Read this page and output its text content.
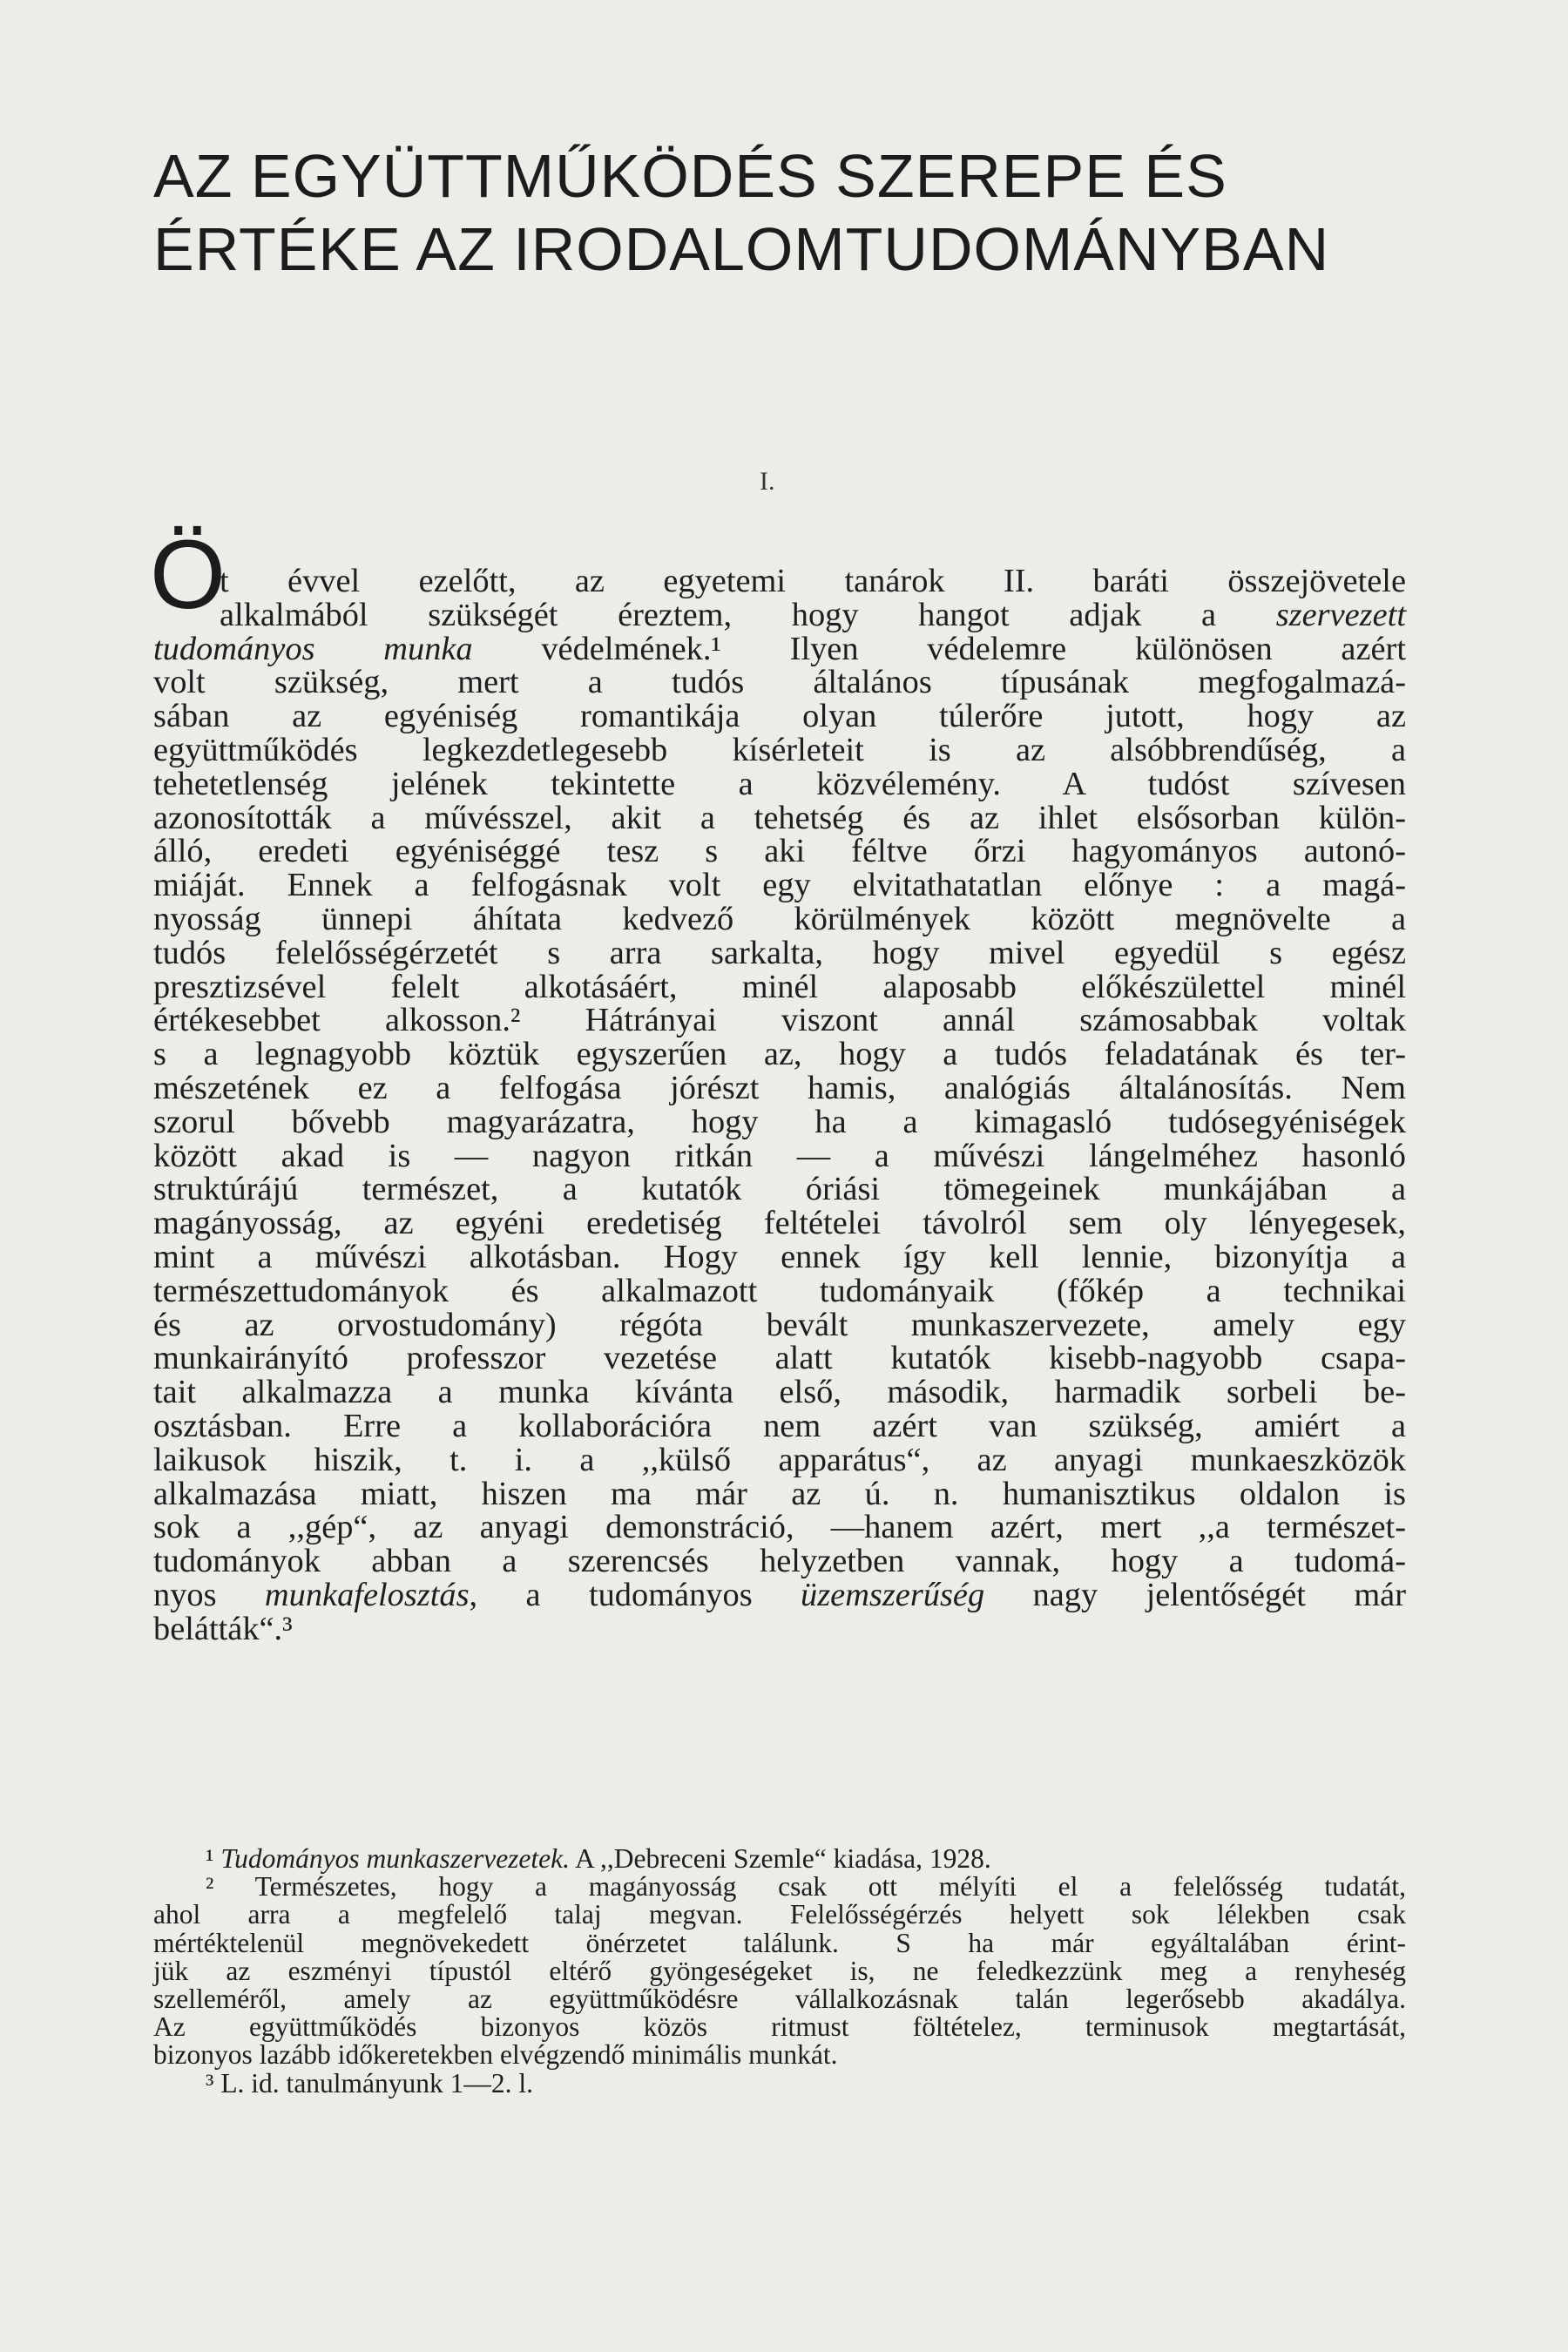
AZ EGYÜTTMŰKÖDÉS SZEREPE ÉS
ÉRTÉKE AZ IRODALOMTUDOMÁNYBAN
I.
Ö
t évvel ezelőtt, az egyetemi tanárok II. baráti összejövetele
alkalmából szükségét éreztem, hogy hangot adjak a szervezett
tudományos munka védelmének.¹ Ilyen védelemre különösen azért
volt szükség, mert a tudós általános típusának megfogalmazá-
sában az egyéniség romantikája olyan túlerőre jutott, hogy az
együttműködés legkezdetlegesebb kísérleteit is az alsóbbrendűség, a
tehetetlenség jelének tekintette a közvélemény. A tudóst szívesen
azonosították a művésszel, akit a tehetség és az ihlet elsősorban külön-
álló, eredeti egyéniséggé tesz s aki féltve őrzi hagyományos autonó-
miáját. Ennek a felfogásnak volt egy elvitathatatlan előnye : a magá-
nyosság ünnepi áhítata kedvező körülmények között megnövelte a
tudós felelősségérzetét s arra sarkalta, hogy mivel egyedül s egész
presztizsével felelt alkotásáért, minél alaposabb előkészülettel minél
értékesebbet alkosson.² Hátrányai viszont annál számosabbak voltak
s a legnagyobb köztük egyszerűen az, hogy a tudós feladatának és ter-
mészetének ez a felfogása jórészt hamis, analógiás általánosítás. Nem
szorul bővebb magyarázatra, hogy ha a kimagasló tudósegyéniségek
között akad is — nagyon ritkán — a művészi lángelméhez hasonló
struktúrájú természet, a kutatók óriási tömegeinek munkájában a
magányosság, az egyéni eredetiség feltételei távolról sem oly lényegesek,
mint a művészi alkotásban. Hogy ennek így kell lennie, bizonyítja a
természettudományok és alkalmazott tudományaik (főkép a technikai
és az orvostudomány) régóta bevált munkaszervezete, amely egy
munkairányító professzor vezetése alatt kutatók kisebb-nagyobb csapa-
tait alkalmazza a munka kívánta első, második, harmadik sorbeli be-
osztásban. Erre a kollaborációra nem azért van szükség, amiért a
laikusok hiszik, t. i. a ,,külső apparátus“, az anyagi munkaeszközök
alkalmazása miatt, hiszen ma már az ú. n. humanisztikus oldalon is
sok a ,,gép“, az anyagi demonstráció, —hanem azért, mert ,,a természet-
tudományok abban a szerencsés helyzetben vannak, hogy a tudomá-
nyos munkafelosztás, a tudományos üzemszerűség nagy jelentőségét már
belátták“.³
¹ Tudományos munkaszervezetek. A ,,Debreceni Szemle“ kiadása, 1928.
² Természetes, hogy a magányosság csak ott mélyíti el a felelősség tudatát,
ahol arra a megfelelő talaj megvan. Felelősségérzés helyett sok lélekben csak
mértéktelenül megnövekedett önérzetet találunk. S ha már egyáltalában érint-
jük az eszményi típustól eltérő gyöngeségeket is, ne feledkezzünk meg a renyheség
szelleméről, amely az együttműködésre vállalkozásnak talán legerősebb akadálya.
Az együttműködés bizonyos közös ritmust föltételez, terminusok megtartását,
bizonyos lazább időkeretekben elvégzendő minimális munkát.
³ L. id. tanulmányunk 1—2. l.
